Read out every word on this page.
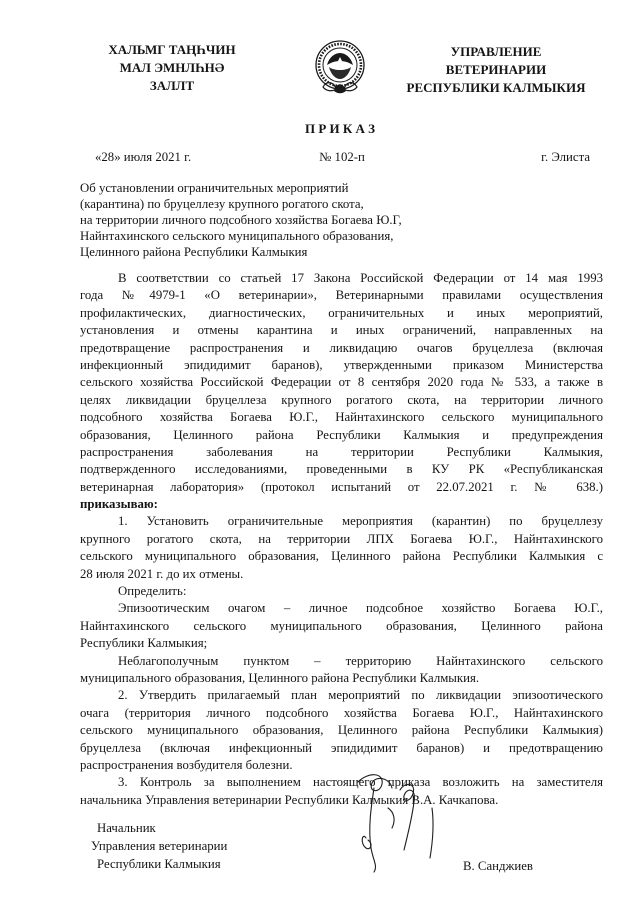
ХАЛЬМГ ТАҢҺЧИН
МАЛ ЭМНЛҺНӘ
ЗАЛЛТ
УПРАВЛЕНИЕ
ВЕТЕРИНАРИИ
РЕСПУБЛИКИ КАЛМЫКИЯ
П Р И К А З
«28» июля 2021 г.	№ 102-п	г. Элиста
Об установлении ограничительных мероприятий
(карантина) по бруцеллезу крупного рогатого скота,
на территории личного подсобного хозяйства Богаева Ю.Г,
Найнтахинского сельского муниципального образования,
Целинного района Республики Калмыкия
В соответствии со статьей 17 Закона Российской Федерации от 14 мая 1993
года №4979-1 «О ветеринарии», Ветеринарными правилами осуществления
профилактических, диагностических, ограничительных и иных мероприятий,
установления и отмены карантина и иных ограничений, направленных на
предотвращение распространения и ликвидацию очагов бруцеллеза (включая
инфекционный эпидидимит баранов), утвержденными приказом Министерства
сельского хозяйства Российской Федерации от 8 сентября 2020 года № 533, а также в
целях ликвидации бруцеллеза крупного рогатого скота, на территории личного
подсобного хозяйства Богаева Ю.Г., Найнтахинского сельского муниципального
образования, Целинного района Республики Калмыкия и предупреждения
распространения заболевания на территории Республики Калмыкия,
подтвержденного исследованиями, проведенными в КУ РК «Республиканская
ветеринарная лаборатория» (протокол испытаний от 22.07.2021 г. № 638.)
приказываю:
1. Установить ограничительные мероприятия (карантин) по бруцеллезу
крупного рогатого скота, на территории ЛПХ Богаева Ю.Г., Найнтахинского
сельского муниципального образования, Целинного района Республики Калмыкия с
28 июля 2021 г. до их отмены.
Определить:
Эпизоотическим очагом – личное подсобное хозяйство Богаева Ю.Г.,
Найнтахинского сельского муниципального образования, Целинного района
Республики Калмыкия;
Неблагополучным пунктом – территорию Найнтахинского сельского
муниципального образования, Целинного района Республики Калмыкия.
2. Утвердить прилагаемый план мероприятий по ликвидации эпизоотического
очага (территория личного подсобного хозяйства Богаева Ю.Г., Найнтахинского
сельского муниципального образования, Целинного района Республики Калмыкия)
бруцеллеза (включая инфекционный эпидидимит баранов) и предотвращению
распространения возбудителя болезни.
3. Контроль за выполнением настоящего приказа возложить на заместителя
начальника Управления ветеринарии Республики Калмыкия В.А. Качкапова.
Начальник
Управления ветеринарии
Республики Калмыкия	В. Санджиев
